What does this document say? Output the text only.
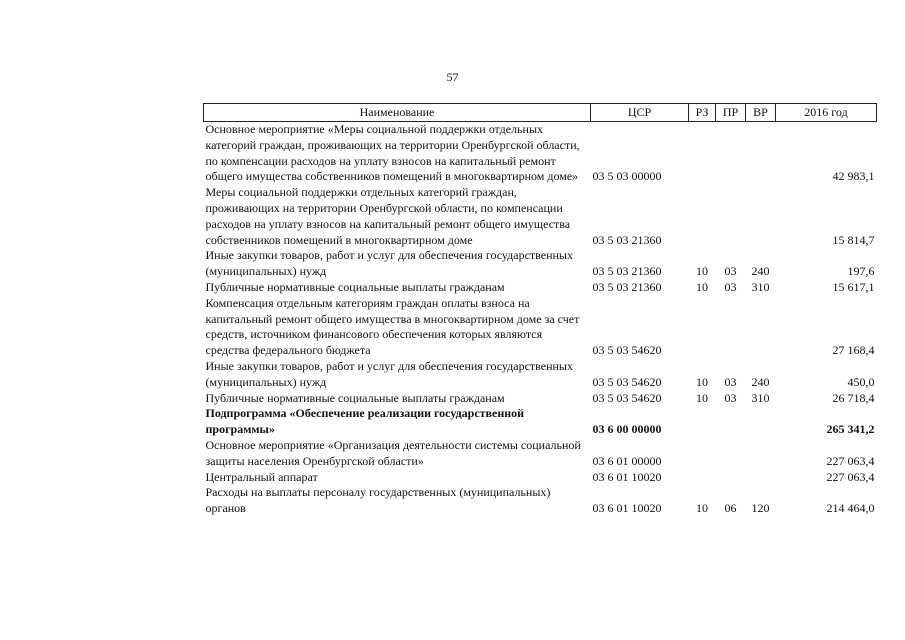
57
Наименование	ЦСР	РЗ	ПР	ВР	2016 год
Основное мероприятие «Меры социальной поддержки отдельных категорий граждан, проживающих на территории Оренбургской области, по компенсации расходов на уплату взносов на капитальный ремонт общего имущества собственников помещений в многоквартирном доме»	03 5 03 00000				42 983,1
Меры социальной поддержки отдельных категорий граждан, проживающих на территории Оренбургской области, по компенсации расходов на уплату взносов на капитальный ремонт общего имущества собственников помещений в многоквартирном доме	03 5 03 21360				15 814,7
Иные закупки товаров, работ и услуг для обеспечения государственных (муниципальных) нужд	03 5 03 21360	10	03	240	197,6
Публичные нормативные социальные выплаты гражданам	03 5 03 21360	10	03	310	15 617,1
Компенсация отдельным категориям граждан оплаты взноса на капитальный ремонт общего имущества в многоквартирном доме за счет средств, источником финансового обеспечения которых являются средства федерального бюджета	03 5 03 54620				27 168,4
Иные закупки товаров, работ и услуг для обеспечения государственных (муниципальных) нужд	03 5 03 54620	10	03	240	450,0
Публичные нормативные социальные выплаты гражданам	03 5 03 54620	10	03	310	26 718,4
Подпрограмма «Обеспечение реализации государственной программы»	03 6 00 00000				265 341,2
Основное мероприятие «Организация деятельности системы социальной защиты населения Оренбургской области»	03 6 01 00000				227 063,4
Центральный аппарат	03 6 01 10020				227 063,4
Расходы на выплаты персоналу государственных (муниципальных) органов	03 6 01 10020	10	06	120	214 464,0
